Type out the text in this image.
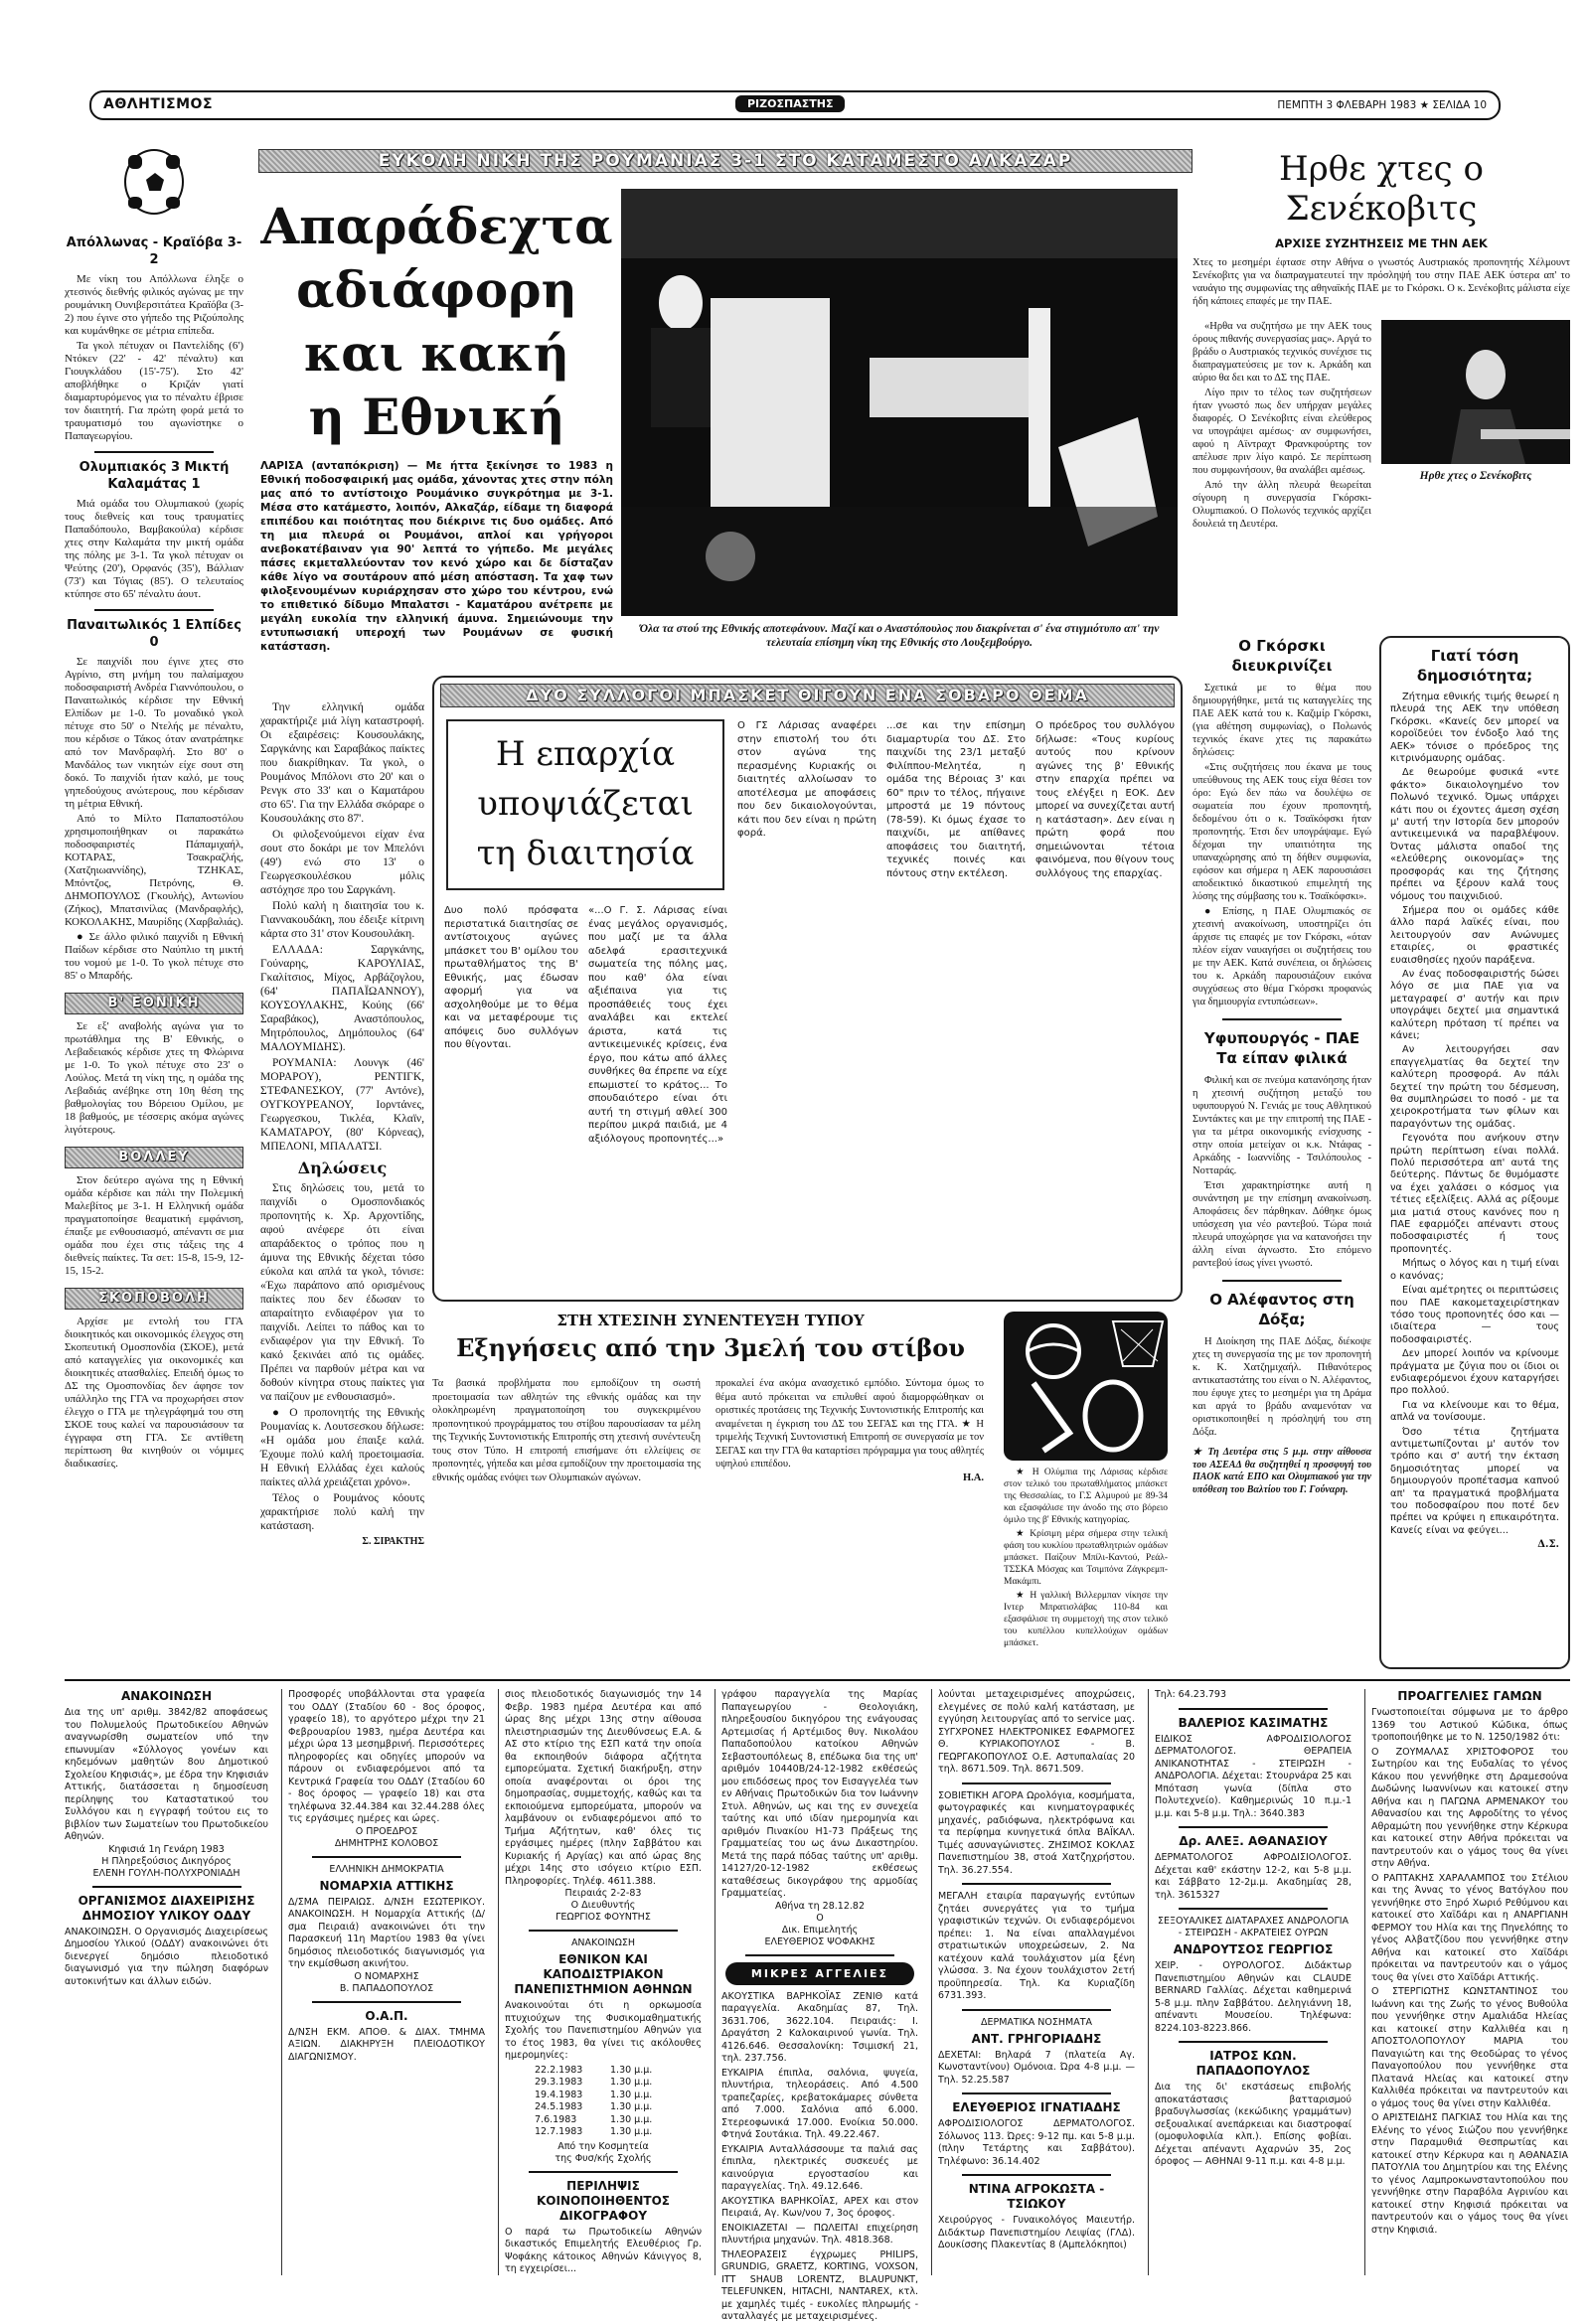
ΑΘΛΗΤΙΣΜΟΣ	ΡΙΖΟΣΠΑΣΤΗΣ	ΠΕΜΠΤΗ 3 ΦΛΕΒΑΡΗ 1983 ★ ΣΕΛΙΔΑ 10
Απόλλωνας - Κραϊόβα 3-2

Με νίκη του Απόλλωνα έληξε ο χτεσινός διεθνής φιλικός αγώνας με την ρουμάνικη Ουνιβερσιτάτεα Κραϊόβα (3-2) που έγινε στο γήπεδο της Ριζούπολης και κυμάνθηκε σε μέτρια επίπεδα.

Τα γκολ πέτυχαν οι Παντελίδης (6') Ντόκεν (22' - 42' πέναλτυ) και Γιουγκλάδου (15'-75'). Στο 42' αποβλήθηκε ο Κριζάν γιατί διαμαρτυρόμενος για το πέναλτυ έβρισε τον διαιτητή. Για πρώτη φορά μετά το τραυματισμό του αγωνίστηκε ο Παπαγεωργίου.

Ολυμπιακός 3 Μικτή Καλαμάτας 1

Μιά ομάδα του Ολυμπιακού (χωρίς τους διεθνείς και τους τραυματίες Παπαδόπουλο, Βαμβακούλα) κέρδισε χτες στην Καλαμάτα την μικτή ομάδα της πόλης με 3-1. Τα γκολ πέτυχαν οι Ψεύτης (20'), Ορφανός (35'), Βάλλιαν (73') και Τόγιας (85'). Ο τελευταίος κτύπησε στο 65' πέναλτυ άουτ.

Παναιτωλικός 1 Ελπίδες 0

Σε παιχνίδι που έγινε χτες στο Αγρίνιο, στη μνήμη του παλαίμαχου ποδοσφαιριστή Ανδρέα Γιαννόπουλου, ο Παναιτωλικός κέρδισε την Εθνική Ελπίδων με 1-0. Το μοναδικό γκολ πέτυχε στο 50' ο Ντελής με πέναλτυ, που κέρδισε ο Τάκος όταν ανατράπηκε από τον Μανδραφλή. Στο 80' ο Μανδάλος των νικητών είχε σουτ στη δοκό. Το παιχνίδι ήταν καλό, με τους γηπεδούχους ανώτερους, που κέρδισαν τη μέτρια Εθνική.

Από το Μίλτο Παπαποστόλου χρησιμοποιήθηκαν οι παρακάτω ποδοσφαιριστές Πάπαμιχαήλ, ΚΟΤΑΡΑΣ, Τσακραζλής, (Χατζηιωαννίδης), ΤΖΗΚΑΣ, Μπόντζος, Πετρόνης, Θ. ΔΗΜΟΠΟΥΛΟΣ (Γκουλής), Αντωνίου (Ζήκος), Μπατσινίλας (Μανδραφλής), ΚΟΚΟΛΑΚΗΣ, Μαυρίδης (Χαρβαλιάς).

● Σε άλλο φιλικό παιχνίδι η Εθνική Παίδων κέρδισε στο Ναύπλιο τη μικτή του νομού με 1-0. Το γκολ πέτυχε στο 85' ο Μπαρδής.

Β' ΕΘΝΙΚΗ

Σε εξ' αναβολής αγώνα για το πρωτάθλημα της Β' Εθνικής, ο Λεβαδειακός κέρδισε χτες τη Φλώρινα με 1-0. Το γκολ πέτυχε στο 23' ο Λούλος. Μετά τη νίκη της, η ομάδα της Λεβαδιάς ανέβηκε στη 10η θέση της βαθμολογίας του Βόρειου Ομίλου, με 18 βαθμούς, με τέσσερις ακόμα αγώνες λιγότερους.

ΒΟΛΛΕΥ

Στον δεύτερο αγώνα της η Εθνική ομάδα κέρδισε και πάλι την Πολεμική Μαλεβίτος με 3-1. Η Ελληνική ομάδα πραγματοποίησε θεαματική εμφάνιση, έπαιξε με ενθουσιασμό, απέναντι σε μια ομάδα που έχει στις τάξεις της 4 διεθνείς παίκτες. Τα σετ: 15-8, 15-9, 12-15, 15-2.

ΣΚΟΠΟΒΟΛΗ

Αρχίσε με εντολή του ΓΓΑ διοικητικός και οικονομικός έλεγχος στη Σκοπευτική Ομοσπονδία (ΣΚΟΕ), μετά από καταγγελίες για οικονομικές και διοικητικές ατασθαλίες. Επειδή όμως το ΔΣ της Ομοσπονδίας δεν άφησε τον υπάλληλο της ΓΓΑ να προχωρήσει στον έλεγχο ο ΓΓΑ με τηλεγράφημά του στη ΣΚΟΕ τους καλεί να παρουσιάσουν τα έγγραφα στη ΓΓΑ. Σε αντίθετη περίπτωση θα κινηθούν οι νόμιμες διαδικασίες.

ΕΥΚΟΛΗ ΝΙΚΗ ΤΗΣ ΡΟΥΜΑΝΙΑΣ 3-1 ΣΤΟ ΚΑΤΑΜΕΣΤΟ ΑΛΚΑΖΑΡ
Απαράδεχτα
αδιάφορη
και κακή
η Εθνική
Όλα τα στού της Εθνικής αποτεφάνουν. Μαζί και ο Αναστόπουλος που διακρίνεται σ' ένα στιγμιότυπο απ' την τελευταία επίσημη νίκη της Εθνικής στο Λουξεμβούργο.
ΛΑΡΙΣΑ (ανταπόκριση) — Με ήττα ξεκίνησε το 1983 η Εθνική ποδοσφαιρική μας ομάδα, χάνοντας χτες στην πόλη μας από το αντίστοιχο Ρουμάνικο συγκρότημα με 3-1. Μέσα στο κατάμεστο, λοιπόν, Αλκαζάρ, είδαμε τη διαφορά επιπέδου και ποιότητας που διέκρινε τις δυο ομάδες. Από τη μια πλευρά οι Ρουμάνοι, απλοί και γρήγοροι ανεβοκατέβαιναν για 90' λεπτά το γήπεδο. Με μεγάλες πάσες εκμεταλλεύονταν τον κενό χώρο και δε δίσταζαν κάθε λίγο να σουτάρουν από μέση απόσταση. Τα χαφ των φιλοξενουμένων κυριάρχησαν στο χώρο του κέντρου, ενώ το επιθετικό δίδυμο Μπαλατσι - Καματάρου ανέτρεπε με μεγάλη ευκολία την ελληνική άμυνα. Σημειώνουμε την εντυπωσιακή υπεροχή των Ρουμάνων σε φυσική κατάσταση.

Την ελληνική ομάδα χαρακτήριζε μιά λίγη καταστροφή. Οι εξαιρέσεις: Κουσουλάκης, Σαργκάνης και Σαραβάκος παίκτες που διακρίθηκαν. Τα γκολ, ο Ρουμάνος Μπόλονι στο 20' και ο Ρενγκ στο 33' και ο Καματάρου στο 65'. Για την Ελλάδα σκόραρε ο Κουσουλάκης στο 87'.

Οι φιλοξενούμενοι είχαν ένα σουτ στο δοκάρι με τον Μπελόνι (49') ενώ στο 13' ο Γεωργεσκουλέσκου μόλις αστόχησε προ του Σαργκάνη.

Πολύ καλή η διαιτησία του κ. Γιαννακουδάκη, που έδειξε κίτρινη κάρτα στο 31' στον Κουσουλάκη.

ΕΛΛΑΔΑ: Σαργκάνης, Γούναρης, ΚΑΡΟΥΛΙΑΣ, Γκαλίτσιος, Μίχος, Αρβάζογλου, (64' ΠΑΠΑΪΩΑΝΝΟΥ), ΚΟΥΣΟΥΛΑΚΗΣ, Κούης (66' Σαραβάκος), Αναστόπουλος, Μητρόπουλος, Δημόπουλος (64' ΜΑΛΟΥΜΙΔΗΣ).

ΡΟΥΜΑΝΙΑ: Λουνγκ (46' ΜΟΡΑΡΟΥ), ΡΕΝΤΙΓΚ, ΣΤΕΦΑΝΕΣΚΟΥ, (77' Αντόνε), ΟΥΓΚΟΥΡΕΑΝΟΥ, Ιορντάνες, Γεωργεσκου, Τικλέα, Κλαϊν, ΚΑΜΑΤΑΡΟΥ, (80' Κόρνεας), ΜΠΕΛΟΝΙ, ΜΠΑΛΑΤΣΙ.

Δηλώσεις

Στις δηλώσεις του, μετά το παιχνίδι ο Ομοσπονδιακός προπονητής κ. Χρ. Αρχοντίδης, αφού ανέφερε ότι είναι απαράδεκτος ο τρόπος που η άμυνα της Εθνικής δέχεται τόσο εύκολα και απλά τα γκολ, τόνισε: «Έχω παράπονο από ορισμένους παίκτες που δεν έδωσαν το απαραίτητο ενδιαφέρον για το παιχνίδι. Λείπει το πάθος και το ενδιαφέρον για την Εθνική. Το κακό ξεκινάει από τις ομάδες. Πρέπει να παρθούν μέτρα και να δοθούν κίνητρα στους παίκτες για να παίζουν με ενθουσιασμό».

● Ο προπονητής της Εθνικής Ρουμανίας κ. Λουτσεσκου δήλωσε: «Η ομάδα μου έπαιξε καλά. Έχουμε πολύ καλή προετοιμασία. Η Εθνική Ελλάδας έχει καλούς παίκτες αλλά χρειάζεται χρόνο».

Τέλος ο Ρουμάνος κόουτς χαρακτήρισε πολύ καλή την κατάσταση.

Σ. ΣΙΡΑΚΤΗΣ
ΔΥΟ ΣΥΛΛΟΓΟΙ ΜΠΑΣΚΕΤ ΘΙΓΟΥΝ ΕΝΑ ΣΟΒΑΡΟ ΘΕΜΑ
Η επαρχία
υποψιάζεται
τη διαιτησία
Δυο πολύ πρόσφατα περιστατικά διαιτησίας σε αντίστοιχους αγώνες μπάσκετ του Β' ομίλου του πρωταθλήματος της Β' Εθνικής, μας έδωσαν αφορμή για να ασχοληθούμε με το θέμα και να μεταφέρουμε τις απόψεις δυο συλλόγων που θίγονται.
«...Ο Γ. Σ. Λάρισας είναι ένας μεγάλος οργανισμός, που μαζί με τα άλλα αδελφά ερασιτεχνικά σωματεία της πόλης μας, που καθ' όλα είναι αξιέπαινα για τις προσπάθειές τους έχει αναλάβει και εκτελεί άριστα, κατά τις αντικειμενικές κρίσεις, ένα έργο, που κάτω από άλλες συνθήκες θα έπρεπε να είχε επωμιστεί το κράτος... Το σπουδαιότερο είναι ότι αυτή τη στιγμή αθλεί 300 περίπου μικρά παιδιά, με 4 αξιόλογους προπονητές...»
Ο ΓΣ Λάρισας αναφέρει στην επιστολή του ότι στον αγώνα της περασμένης Κυριακής οι διαιτητές αλλοίωσαν το αποτέλεσμα με αποφάσεις που δεν δικαιολογούνται, κάτι που δεν είναι η πρώτη φορά.
...σε και την επίσημη διαμαρτυρία του ΔΣ. Στο παιχνίδι της 23/1 μεταξύ Φιλίππου-Μελητέα, η ομάδα της Βέροιας 3' και 60" πριν το τέλος, πήγαινε μπροστά με 19 πόντους (78-59). Κι όμως έχασε το παιχνίδι, με απίθανες αποφάσεις του διαιτητή, τεχνικές ποινές και πόντους στην εκτέλεση.
Ο πρόεδρος του συλλόγου δήλωσε: «Τους κυρίους αυτούς που κρίνουν αγώνες της β' Εθνικής στην επαρχία πρέπει να τους ελέγξει η ΕΟΚ. Δεν μπορεί να συνεχίζεται αυτή η κατάσταση». Δεν είναι η πρώτη φορά που σημειώνονται τέτοια φαινόμενα, που θίγουν τους συλλόγους της επαρχίας.
ΣΤΗ ΧΤΕΣΙΝΗ ΣΥΝΕΝΤΕΥΞΗ ΤΥΠΟΥ
Εξηγήσεις από την 3μελή του στίβου
Τα βασικά προβλήματα που εμποδίζουν τη σωστή προετοιμασία των αθλητών της εθνικής ομάδας και την ολοκληρωμένη πραγματοποίηση του συγκεκριμένου προπονητικού προγράμματος του στίβου παρουσίασαν τα μέλη της Τεχνικής Συντονιστικής Επιτροπής στη χτεσινή συνέντευξη τους στον Τύπο. Η επιτροπή επισήμανε ότι ελλείψεις σε προπονητές, γήπεδα και μέσα εμποδίζουν την προετοιμασία της εθνικής ομάδας ενόψει των Ολυμπιακών αγώνων.
προκαλεί ένα ακόμα ανασχετικό εμπόδιο. Σύντομα όμως το θέμα αυτό πρόκειται να επιλυθεί αφού διαμορφώθηκαν οι οριστικές προτάσεις της Τεχνικής Συντονιστικής Επιτροπής και αναμένεται η έγκριση του ΔΣ του ΣΕΓΑΣ και της ΓΓΑ. ★ Η τριμελής Τεχνική Συντονιστική Επιτροπή σε συνεργασία με τον ΣΕΓΑΣ και την ΓΓΑ θα καταρτίσει πρόγραμμα για τους αθλητές υψηλού επιπέδου.
Η.Α.	★ Η Ολύμπια της Λάρισας κέρδισε στον τελικό του πρωταθλήματος μπάσκετ της Θεσσαλίας, το Γ.Σ Αλμυρού με 89-34 και εξασφάλισε την άνοδο της στο βόρειο όμιλο της β' Εθνικής κατηγορίας.

★ Κρίσιμη μέρα σήμερα στην τελική φάση του κυκλίου πρωταθλητριών ομάδων μπάσκετ. Παίζουν Μπίλι-Καντού, Ρεάλ-ΤΣΣΚΑ Μόσχας και Τσιμπόνα Ζάγκρεμπ-Μακάμπι.

★ Η γαλλική Βιλλερμπαν νίκησε την Ιντερ Μπρατισλάβας 110-84 και εξασφάλισε τη συμμετοχή της στον τελικό του κυπέλλου κυπελλούχων ομάδων μπάσκετ.

Ηρθε χτες ο
Σενέκοβιτς
ΑΡΧΙΣΕ ΣΥΖΗΤΗΣΕΙΣ ΜΕ ΤΗΝ ΑΕΚ
Χτες το μεσημέρι έφτασε στην Αθήνα ο γνωστός Αυστριακός προπονητής Χέλμουντ Σενέκοβιτς για να διαπραγματευτεί την πρόσληψή του στην ΠΑΕ ΑΕΚ ύστερα απ' το ναυάγιο της συμφωνίας της αθηναϊκής ΠΑΕ με το Γκόρσκι. Ο κ. Σενέκοβιτς μάλιστα είχε ήδη κάποιες επαφές με την ΠΑΕ.

«Ηρθα να συζητήσω με την ΑΕΚ τους όρους πιθανής συνεργασίας μας». Αργά το βράδυ ο Αυστριακός τεχνικός συνέχισε τις διαπραγματεύσεις με τον κ. Αρκάδη και αύριο θα δει και το ΔΣ της ΠΑΕ.

Λίγο πριν το τέλος των συζητήσεων ήταν γνωστό πως δεν υπήρχαν μεγάλες διαφορές. Ο Σενέκοβιτς είναι ελεύθερος να υπογράψει αμέσως· αν συμφωνήσει, αφού η Αϊντραχτ Φρανκφούρτης τον απέλυσε πριν λίγο καιρό. Σε περίπτωση που συμφωνήσουν, θα αναλάβει αμέσως.

Από την άλλη πλευρά θεωρείται σίγουρη η συνεργασία Γκόρσκι-Ολυμπιακού. Ο Πολωνός τεχνικός αρχίζει δουλειά τη Δευτέρα.

Ηρθε χτες ο Σενέκοβιτς
Ο Γκόρσκι διευκρινίζει

Σχετικά με το θέμα που δημιουργήθηκε, μετά τις καταγγελίες της ΠΑΕ ΑΕΚ κατά του κ. Καζιμίρ Γκόρσκι, (για αθέτηση συμφωνίας), ο Πολωνός τεχνικός έκανε χτες τις παρακάτω δηλώσεις:

«Στις συζητήσεις που έκανα με τους υπεύθυνους της ΑΕΚ τους είχα θέσει τον όρο: Εγώ δεν πάω να δουλέψω σε σωματεία που έχουν προπονητή, δεδομένου ότι ο κ. Τσαϊκόφσκι ήταν προπονητής. Έτσι δεν υπογράψαμε. Εγώ δέχομαι την υπαιτιότητα της υπαναχώρησης από τη δήθεν συμφωνία, εφόσον και σήμερα η ΑΕΚ παρουσιάσει αποδεικτικό δικαστικού επιμελητή της λύσης της σύμβασης του κ. Τσαϊκόφσκι».

● Επίσης, η ΠΑΕ Ολυμπιακός σε χτεσινή ανακοίνωση, υποστηρίζει ότι άρχισε τις επαφές με τον Γκόρσκι, «όταν πλέον είχαν ναυαγήσει οι συζητήσεις του με την ΑΕΚ. Κατά συνέπεια, οι δηλώσεις του κ. Αρκάδη παρουσιάζουν εικόνα συγχύσεως στο θέμα Γκόρσκι προφανώς για δημιουργία εντυπώσεων».

Υφυπουργός - ΠΑΕ Τα είπαν φιλικά

Φιλική και σε πνεύμα κατανόησης ήταν η χτεσινή συζήτηση μεταξύ του υφυπουργού Ν. Γενιάς με τους Αθλητικού Συντάκτες και με την επιτροπή της ΠΑΕ - για τα μέτρα οικονομικής ενίσχυσης - στην οποία μετείχαν οι κ.κ. Ντάφας - Αρκάδης - Ιωαννίδης - Τσιλόπουλος - Νοτταράς.

Έτσι χαρακτηρίστηκε αυτή η συνάντηση με την επίσημη ανακοίνωση. Αποφάσεις δεν πάρθηκαν. Δόθηκε όμως υπόσχεση για νέο ραντεβού. Τώρα ποιά πλευρά υποχώρησε για να κατανοήσει την άλλη είναι άγνωστο. Στο επόμενο ραντεβού ίσως γίνει γνωστό.

Ο Αλέφαντος στη Δόξα;

Η Διοίκηση της ΠΑΕ Δόξας, διέκοψε χτες τη συνεργασία της με τον προπονητή κ. Κ. Χατζημιχαήλ. Πιθανότερος αντικαταστάτης του είναι ο Ν. Αλέφαντος, που έφυγε χτες το μεσημέρι για τη Δράμα και αργά το βράδυ αναμενόταν να οριστικοποιηθεί η πρόσληψή του στη Δόξα.

★ Τη Δευτέρα στις 5 μ.μ. στην αίθουσα του ΑΣΕΑΔ θα συζητηθεί η προσφυγή του ΠΑΟΚ κατά ΕΠΟ και Ολυμπιακού για την υπόθεση του Βαλτίου του Γ. Γούναρη.
Γιατί τόση δημοσιότητα;

Ζήτημα εθνικής τιμής θεωρεί η πλευρά της ΑΕΚ την υπόθεση Γκόρσκι. «Κανείς δεν μπορεί να κοροϊδεύει τον ένδοξο λαό της ΑΕΚ» τόνισε ο πρόεδρος της κιτρινόμαυρης ομάδας.

Δε θεωρούμε φυσικά «ντε φάκτο» δικαιολογημένο τον Πολωνό τεχνικό. Όμως υπάρχει κάτι που οι έχοντες άμεση σχέση μ' αυτή την Ιστορία δεν μπορούν αντικειμενικά να παραβλέψουν. Όντας μάλιστα οπαδοί της «ελεύθερης οικονομίας» της προσφοράς και της ζήτησης πρέπει να ξέρουν καλά τους νόμους του παιχνιδιού.

Σήμερα που οι ομάδες κάθε άλλο παρά λαϊκές είναι, που λειτουργούν σαν Ανώνυμες εταιρίες, οι φραστικές ευαισθησίες ηχούν παράξενα.

Αν ένας ποδοσφαιριστής δώσει λόγο σε μια ΠΑΕ για να μεταγραφεί σ' αυτήν και πριν υπογράψει δεχτεί μια σημαντικά καλύτερη πρόταση τί πρέπει να κάνει;

Αν λειτουργήσει σαν επαγγελματίας θα δεχτεί την καλύτερη προσφορά. Αν πάλι δεχτεί την πρώτη του δέσμευση, θα συμπληρώσει το ποσό - με τα χειροκροτήματα των φίλων και παραγόντων της ομάδας.

Γεγονότα που ανήκουν στην πρώτη περίπτωση είναι πολλά. Πολύ περισσότερα απ' αυτά της δεύτερης. Πάντως δε θυμόμαστε να έχει χαλάσει ο κόσμος για τέτιες εξελίξεις. Αλλά ας ρίξουμε μια ματιά στους κανόνες που η ΠΑΕ εφαρμόζει απέναντι στους ποδοσφαιριστές ή τους προπονητές.

Μήπως ο λόγος και η τιμή είναι ο κανόνας;

Είναι αμέτρητες οι περιπτώσεις που ΠΑΕ κακομεταχειρίστηκαν τόσο τους προπονητές όσο και — ιδιαίτερα — τους ποδοσφαιριστές.

Δεν μπορεί λοιπόν να κρίνουμε πράγματα με ζύγια που οι ίδιοι οι ενδιαφερόμενοι έχουν καταργήσει προ πολλού.

Για να κλείνουμε και το θέμα, απλά να τονίσουμε.

Όσο τέτια ζητήματα αντιμετωπίζονται μ' αυτόν τον τρόπο και σ' αυτή την έκταση δημοσιότητας μπορεί να δημιουργούν προπέτασμα καπνού απ' τα πραγματικά προβλήματα του ποδοσφαίρου που ποτέ δεν πρέπει να κρύψει η επικαιρότητα. Κανείς είναι να φεύγει...

Δ.Σ.
ΑΝΑΚΟΙΝΩΣΗ
Δια της υπ' αριθμ. 3842/82 αποφάσεως του Πολυμελούς Πρωτοδικείου Αθηνών αναγνωρίσθη σωματείον υπό την επωνυμίαν «Σύλλογος γονέων και κηδεμόνων μαθητών 8ου Δημοτικού Σχολείου Κηφισιάς», με έδρα την Κηφισιάν Αττικής, διατάσσεται η δημοσίευση περίληψης του Καταστατικού του Συλλόγου και η εγγραφή τούτου εις το βιβλίον των Σωματείων του Πρωτοδικείου Αθηνών.
Κηφισιά 1η Γενάρη 1983
Η Πληρεξούσιος Δικηγόρος
ΕΛΕΝΗ ΓΟΥΛΗ-ΠΟΛΥΧΡΟΝΙΑΔΗ
ΟΡΓΑΝΙΣΜΟΣ ΔΙΑΧΕΙΡΙΣΗΣ ΔΗΜΟΣΙΟΥ ΥΛΙΚΟΥ ΟΔΔΥ
ΑΝΑΚΟΙΝΩΣΗ. Ο Οργανισμός Διαχειρίσεως Δημοσίου Υλικού (ΟΔΔΥ) ανακοινώνει ότι διενεργεί δημόσιο πλειοδοτικό διαγωνισμό για την πώληση διαφόρων αυτοκινήτων και άλλων ειδών.
Προσφορές υποβάλλονται στα γραφεία του ΟΔΔΥ (Σταδίου 60 - 8ος όροφος, γραφείο 18), το αργότερο μέχρι την 21 Φεβρουαρίου 1983, ημέρα Δευτέρα και μέχρι ώρα 13 μεσημβρινή. Περισσότερες πληροφορίες και οδηγίες μπορούν να πάρουν οι ενδιαφερόμενοι από τα Κεντρικά Γραφεία του ΟΔΔΥ (Σταδίου 60 - 8ος όροφος — γραφείο 18) και στα τηλέφωνα 32.44.384 και 32.44.288 όλες τις εργάσιμες ημέρες και ώρες.
Ο ΠΡΟΕΔΡΟΣ
ΔΗΜΗΤΡΗΣ ΚΟΛΟΒΟΣ
ΕΛΛΗΝΙΚΗ ΔΗΜΟΚΡΑΤΙΑ
ΝΟΜΑΡΧΙΑ ΑΤΤΙΚΗΣ
Δ/ΣΜΑ ΠΕΙΡΑΙΩΣ. Δ/ΝΣΗ ΕΣΩΤΕΡΙΚΟΥ. ΑΝΑΚΟΙΝΩΣΗ. Η Νομαρχία Αττικής (Δ/σμα Πειραιά) ανακοινώνει ότι την Παρασκευή 11η Μαρτίου 1983 θα γίνει δημόσιος πλειοδοτικός διαγωνισμός για την εκμίσθωση ακινήτου.
Ο ΝΟΜΑΡΧΗΣ
Β. ΠΑΠΑΔΟΠΟΥΛΟΣ
Ο.Α.Π.
Δ/ΝΣΗ ΕΚΜ. ΑΠΟΘ. & ΔΙΑΧ. ΤΜΗΜΑ ΑΞΙΩΝ. ΔΙΑΚΗΡΥΞΗ ΠΛΕΙΟΔΟΤΙΚΟΥ ΔΙΑΓΩΝΙΣΜΟΥ.
σιος πλειοδοτικός διαγωνισμός την 14 Φεβρ. 1983 ημέρα Δευτέρα και από ώρας 8ης μέχρι 13ης στην αίθουσα πλειστηριασμών της Διευθύνσεως Ε.Α. & ΑΣ στο κτίριο της ΕΣΠ κατά την οποία θα εκποιηθούν διάφορα αζήτητα εμπορεύματα. Σχετική διακήρυξη, στην οποία αναφέρονται οι όροι της δημοπρασίας, συμμετοχής, καθώς και τα εκποιούμενα εμπορεύματα, μπορούν να λαμβάνουν οι ενδιαφερόμενοι από το Τμήμα Αζήτητων, καθ' όλες τις εργάσιμες ημέρες (πλην Σαββάτου και Κυριακής ή Αργίας) και από ώρας 8ης μέχρι 14ης στο ισόγειο κτίριο ΕΣΠ. Πληροφορίες. Τηλέφ. 4611.388.
Πειραιάς 2-2-83
Ο Διευθυντής
ΓΕΩΡΓΙΟΣ ΦΟΥΝΤΗΣ
ΑΝΑΚΟΙΝΩΣΗ
ΕΘΝΙΚΟΝ ΚΑΙ ΚΑΠΟΔΙΣΤΡΙΑΚΟΝ ΠΑΝΕΠΙΣΤΗΜΙΟΝ ΑΘΗΝΩΝ
Ανακοινούται ότι η ορκωμοσία πτυχιούχων της Φυσικομαθηματικής Σχολής του Πανεπιστημίου Αθηνών για το έτος 1983, θα γίνει τις ακόλουθες ημερομηνίες:
22.2.1983	1.30 μ.μ.
29.3.1983	1.30 μ.μ.
19.4.1983	1.30 μ.μ.
24.5.1983	1.30 μ.μ.
7.6.1983	1.30 μ.μ.
12.7.1983	1.30 μ.μ.
Από την Κοσμητεία
της Φυσ/κής Σχολής
ΠΕΡΙΛΗΨΙΣ ΚΟΙΝΟΠΟΙΗΘΕΝΤΟΣ ΔΙΚΟΓΡΑΦΟΥ
Ο παρά τω Πρωτοδικείω Αθηνών δικαστικός Επιμελητής Ελευθέριος Γρ. Ψοφάκης κάτοικος Αθηνών Κάνιγγος 8, τη εγχειρίσει...
γράφου παραγγελία της Μαρίας Παπαγεωργίου - Θεολογιάκη, πληρεξουσίου δικηγόρου της ενάγουσας Αρτεμισίας ή Αρτέμιδος θυγ. Νικολάου Παπαδοπούλου κατοίκου Αθηνών Σεβαστουπόλεως 8, επέδωκα δια της υπ' αριθμόν 10440Β/24-12-1982 εκθέσεώς μου επιδόσεως προς τον Εισαγγελέα των εν Αθήναις Πρωτοδικών δια τον Ιωάννην Στυλ. Αθηνών, ως και της εν συνεχεία ταύτης και υπό ιδίαν ημερομηνία και αριθμόν Πινακίου Η1-73 Πράξεως της Γραμματείας του ως άνω Δικαστηρίου. Μετά της παρά πόδας ταύτης υπ' αριθμ. 14127/20-12-1982 εκθέσεως καταθέσεως δικογράφου της αρμοδίας Γραμματείας.
Αθήνα τη 28.12.82
Ο
Δικ. Επιμελητής
ΕΛΕΥΘΕΡΙΟΣ ΨΟΦΑΚΗΣ
ΜΙΚΡΕΣ ΑΓΓΕΛΙΕΣ
ΑΚΟΥΣΤΙΚΑ ΒΑΡΗΚΟΪΑΣ ΖΕΝΙΘ κατά παραγγελία. Ακαδημίας 87, Τηλ. 3631.706, 3622.104. Πειραιάς: Ι. Δραγάτση 2 Καλοκαιρινού γωνία. Τηλ. 4126.646. Θεσσαλονίκη: Τσιμισκή 21, τηλ. 237.756.
ΕΥΚΑΙΡΙΑ έπιπλα, σαλόνια, ψυγεία, πλυντήρια, τηλεοράσεις. Από 4.500 τραπεζαρίες, κρεβατοκάμαρες σύνθετα από 7.000. Σαλόνια από 6.000. Στερεοφωνικά 17.000. Ενοίκια 50.000. Φτηνά Σουτάκια. Τηλ. 49.22.467.
ΕΥΚΑΙΡΙΑ Ανταλλάσσουμε τα παλιά σας έπιπλα, ηλεκτρικές συσκευές με καινούργια εργοστασίου και παραγγελίας. Τηλ. 49.12.646.
ΑΚΟΥΣΤΙΚΑ ΒΑΡΗΚΟΪΑΣ, ΑΡΕΧ και στον Πειραιά, Αγ. Κων/νου 7, 3ος όροφος.
ΕΝΟΙΚΙΑΖΕΤΑΙ — ΠΩΛΕΙΤΑΙ επιχείρηση πλυντήρια μηχανών. Τηλ. 4818.368.
ΤΗΛΕΟΡΑΣΕΙΣ έγχρωμες PHILIPS, GRUNDIG, GRAETZ, KORTING, VOXSON, ITT SHAUB LORENTZ, BLAUPUNKT, TELEFUNKEN, HITACHI, NANTAREX, κτλ. με χαμηλές τιμές - ευκολίες πληρωμής - ανταλλαγές με μεταχειρισμένες.
λούνται μεταχειρισμένες αποχρώσεις, ελεγμένες σε πολύ καλή κατάσταση, με εγγύηση λειτουργίας από το service μας. ΣΥΓΧΡΟΝΕΣ ΗΛΕΚΤΡΟΝΙΚΕΣ ΕΦΑΡΜΟΓΕΣ Θ. ΚΥΡΙΑΚΟΠΟΥΛΟΣ - Β. ΓΕΩΡΓΑΚΟΠΟΥΛΟΣ Ο.Ε. Αστυπαλαίας 20 τηλ. 8671.509. Τηλ. 8671.509.
ΣΟΒΙΕΤΙΚΗ ΑΓΟΡΑ Ωρολόγια, κοσμήματα, φωτογραφικές και κινηματογραφικές μηχανές, ραδιόφωνα, ηλεκτρόφωνα και τα περίφημα κυνηγετικά όπλα ΒΑΪΚΑΛ. Τιμές ασυναγώνιστες. ΖΗΣΙΜΟΣ ΚΟΚΛΑΣ Πανεπιστημίου 38, στοά Χατζηχρήστου. Τηλ. 36.27.554.
ΜΕΓΑΛΗ εταιρία παραγωγής εντύπων ζητάει συνεργάτες για το τμήμα γραφιστικών τεχνών. Οι ενδιαφερόμενοι πρέπει: 1. Να είναι απαλλαγμένοι στρατιωτικών υποχρεώσεων, 2. Να κατέχουν καλά τουλάχιστον μία ξένη γλώσσα. 3. Να έχουν τουλάχιστον 2ετή προϋπηρεσία. Τηλ. Κα Κυριαζίδη 6731.393.
ΔΕΡΜΑΤΙΚΑ ΝΟΣΗΜΑΤΑ
ΑΝΤ. ΓΡΗΓΟΡΙΑΔΗΣ
ΔΕΧΕΤΑΙ: Βηλαρά 7 (πλατεία Αγ. Κωνσταντίνου) Ομόνοια. Ώρα 4-8 μ.μ. — Τηλ. 52.25.587
ΕΛΕΥΘΕΡΙΟΣ ΙΓΝΑΤΙΑΔΗΣ
ΑΦΡΟΔΙΣΙΟΛΟΓΟΣ ΔΕΡΜΑΤΟΛΟΓΟΣ. Σόλωνος 113. Ώρες: 9-12 πμ. και 5-8 μ.μ. (πλην Τετάρτης και Σαββάτου). Τηλέφωνο: 36.14.402
ΝΤΙΝΑ ΑΓΡΟΚΩΣΤΑ - ΤΣΙΩΚΟΥ
Χειρούργος - Γυναικολόγος Μαιευτήρ. Διδάκτωρ Πανεπιστημίου Λειψίας (ΓΛΔ). Δουκίσσης Πλακεντίας 8 (Αμπελόκηποι)
Τηλ: 64.23.793
ΒΑΛΕΡΙΟΣ ΚΑΣΙΜΑΤΗΣ
ΕΙΔΙΚΟΣ ΑΦΡΟΔΙΣΙΟΛΟΓΟΣ ΔΕΡΜΑΤΟΛΟΓΟΣ. ΘΕΡΑΠΕΙΑ ΑΝΙΚΑΝΟΤΗΤΑΣ - ΣΤΕΙΡΩΣΗ - ΑΝΔΡΟΛΟΓΙΑ. Δέχεται: Στουρνάρα 25 και Μπόταση γωνία (δίπλα στο Πολυτεχνείο). Καθημερινώς 10 π.μ.-1 μ.μ. και 5-8 μ.μ. Τηλ.: 3640.383
Δρ. ΑΛΕΞ. ΑΘΑΝΑΣΙΟΥ
ΔΕΡΜΑΤΟΛΟΓΟΣ ΑΦΡΟΔΙΣΙΟΛΟΓΟΣ. Δέχεται καθ' εκάστην 12-2, και 5-8 μ.μ. και Σάββατο 12-2μ.μ. Ακαδημίας 28, τηλ. 3615327
ΣΕΞΟΥΑΛΙΚΕΣ ΔΙΑΤΑΡΑΧΕΣ ΑΝΔΡΟΛΟΓΙΑ - ΣΤΕΙΡΩΣΗ - ΑΚΡΑΤΕΙΕΣ ΟΥΡΩΝ
ΑΝΔΡΟΥΤΣΟΣ ΓΕΩΡΓΙΟΣ
ΧΕΙΡ. - ΟΥΡΟΛΟΓΟΣ. Διδάκτωρ Πανεπιστημίου Αθηνών και CLAUDE BERNARD Γαλλίας. Δέχεται καθημερινά 5-8 μ.μ. πλην Σαββάτου. Δεληγιάννη 18, απέναντι Μουσείου. Τηλέφωνα: 8224.103-8223.866.
ΙΑΤΡΟΣ ΚΩΝ. ΠΑΠΑΔΟΠΟΥΛΟΣ
Δια της δι' εκστάσεως επιβολής αποκατάστασις βατταρισμού βραδυγλωσσίας (κεκώδικης γραμμάτων) σεξουαλικαί ανεπάρκειαι και διαστροφαί (ομοφυλοφιλία κλπ.). Επίσης φοβίαι. Δέχεται απέναντι Αχαρνών 35, 2ος όροφος — ΑΘΗΝΑΙ 9-11 π.μ. και 4-8 μ.μ.
ΠΡΟΑΓΓΕΛΙΕΣ ΓΑΜΩΝ
Γνωστοποιείται σύμφωνα με το άρθρο 1369 του Αστικού Κώδικα, όπως τροποποιήθηκε με το Ν. 1250/1982 ότι:
Ο ΖΟΥΜΑΛΑΣ ΧΡΙΣΤΟΦΟΡΟΣ του Σωτηρίου και της Ευδαλίας το γένος Κάκου που γεννήθηκε στη Δραμεσούνα Δωδώνης Ιωαννίνων και κατοικεί στην Αθήνα και η ΠΑΓΩΝΑ ΑΡΜΕΝΑΚΟΥ του Αθανασίου και της Αφροδίτης το γένος Αθραμώτη που γεννήθηκε στην Κέρκυρα και κατοικεί στην Αθήνα πρόκειται να παντρευτούν και ο γάμος τους θα γίνει στην Αθήνα.
Ο ΡΑΠΤΑΚΗΣ ΧΑΡΑΛΑΜΠΟΣ του Στέλιου και της Άννας το γένος Βατόγλου που γεννήθηκε στο Ξηρό Χωριό Ρεθύμνου και κατοικεί στο Χαϊδάρι και η ΑΝΑΡΓΙΑΝΗ ΦΕΡΜΟΥ του Ηλία και της Πηνελόπης το γένος Αλβατζίδου που γεννήθηκε στην Αθήνα και κατοικεί στο Χαϊδάρι πρόκειται να παντρευτούν και ο γάμος τους θα γίνει στο Χαϊδάρι Αττικής.
Ο ΣΤΕΡΓΙΩΤΗΣ ΚΩΝΣΤΑΝΤΙΝΟΣ του Ιωάννη και της Ζωής το γένος Βυθούλα που γεννήθηκε στην Αμαλιάδα Ηλείας και κατοικεί στην Καλλιθέα και η ΑΠΟΣΤΟΛΟΠΟΥΛΟΥ ΜΑΡΙΑ του Παναγιώτη και της Θεοδώρας το γένος Παναγοπούλου που γεννήθηκε στα Πλατανά Ηλείας και κατοικεί στην Καλλιθέα πρόκειται να παντρευτούν και ο γάμος τους θα γίνει στην Καλλιθέα.
Ο ΑΡΙΣΤΕΙΔΗΣ ΠΑΓΚΙΑΣ του Ηλία και της Ελένης το γένος Σιώζου που γεννήθηκε στην Παραμυθιά Θεσπρωτίας και κατοικεί στην Κέρκυρα και η ΑΘΑΝΑΣΙΑ ΠΑΤΟΥΛΙΑ του Δημητρίου και της Ελένης το γένος Λαμπροκωνσταντοπούλου που γεννήθηκε στην Παραβόλα Αγρινίου και κατοικεί στην Κηφισιά πρόκειται να παντρευτούν και ο γάμος τους θα γίνει στην Κηφισιά.
